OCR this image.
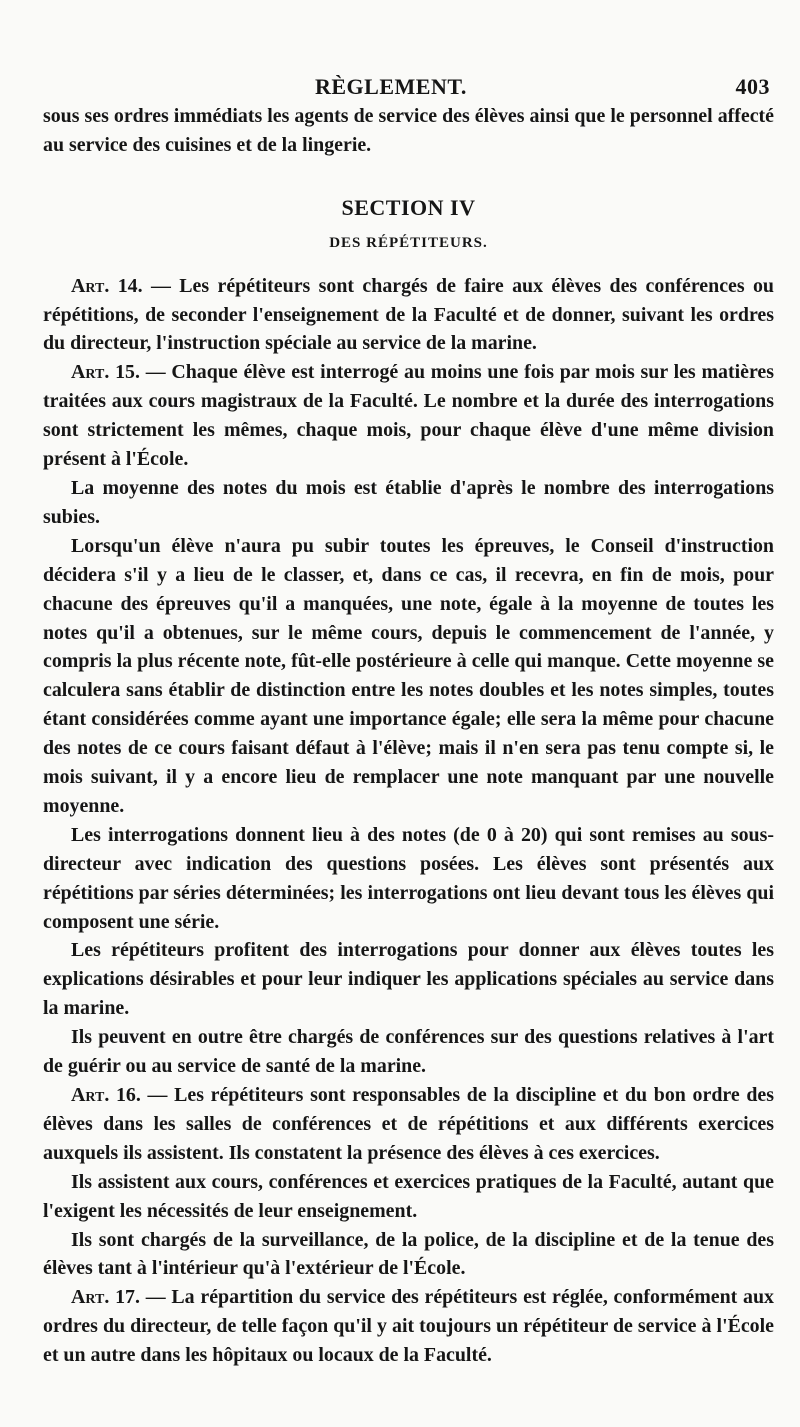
RÈGLEMENT.	403

sous ses ordres immédiats les agents de service des élèves ainsi que le personnel affecté au service des cuisines et de la lingerie.

SECTION IV
DES RÉPÉTITEURS.

Art. 14. — Les répétiteurs sont chargés de faire aux élèves des conférences ou répétitions, de seconder l'enseignement de la Faculté et de donner, suivant les ordres du directeur, l'instruction spéciale au service de la marine.

Art. 15. — Chaque élève est interrogé au moins une fois par mois sur les matières traitées aux cours magistraux de la Faculté. Le nombre et la durée des interrogations sont strictement les mêmes, chaque mois, pour chaque élève d'une même division présent à l'École.

La moyenne des notes du mois est établie d'après le nombre des interrogations subies.

Lorsqu'un élève n'aura pu subir toutes les épreuves, le Conseil d'instruction décidera s'il y a lieu de le classer, et, dans ce cas, il recevra, en fin de mois, pour chacune des épreuves qu'il a manquées, une note, égale à la moyenne de toutes les notes qu'il a obtenues, sur le même cours, depuis le commencement de l'année, y compris la plus récente note, fût-elle postérieure à celle qui manque. Cette moyenne se calculera sans établir de distinction entre les notes doubles et les notes simples, toutes étant considérées comme ayant une importance égale; elle sera la même pour chacune des notes de ce cours faisant défaut à l'élève; mais il n'en sera pas tenu compte si, le mois suivant, il y a encore lieu de remplacer une note manquant par une nouvelle moyenne.

Les interrogations donnent lieu à des notes (de 0 à 20) qui sont remises au sous-directeur avec indication des questions posées. Les élèves sont présentés aux répétitions par séries déterminées; les interrogations ont lieu devant tous les élèves qui composent une série.

Les répétiteurs profitent des interrogations pour donner aux élèves toutes les explications désirables et pour leur indiquer les applications spéciales au service dans la marine.

Ils peuvent en outre être chargés de conférences sur des questions relatives à l'art de guérir ou au service de santé de la marine.

Art. 16. — Les répétiteurs sont responsables de la discipline et du bon ordre des élèves dans les salles de conférences et de répétitions et aux différents exercices auxquels ils assistent. Ils constatent la présence des élèves à ces exercices.

Ils assistent aux cours, conférences et exercices pratiques de la Faculté, autant que l'exigent les nécessités de leur enseignement.

Ils sont chargés de la surveillance, de la police, de la discipline et de la tenue des élèves tant à l'intérieur qu'à l'extérieur de l'École.

Art. 17. — La répartition du service des répétiteurs est réglée, conformément aux ordres du directeur, de telle façon qu'il y ait toujours un répétiteur de service à l'École et un autre dans les hôpitaux ou locaux de la Faculté.
